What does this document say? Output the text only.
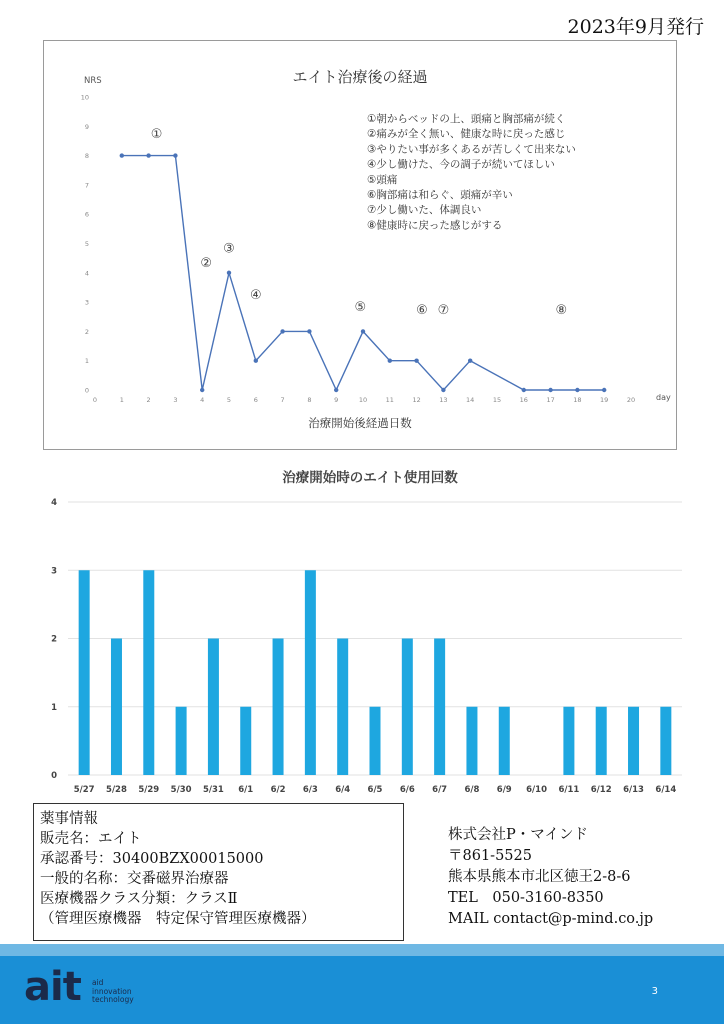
2023年9月発行
エイト治療後の経過
NRS
day
治療開始後経過日数
0
1
2
3
4
5
6
7
8
9
10
0	1	2	3	4	5	6	7	8	9	10	11	12	13	14	15	16	17	18	19	20
①
②
③
④
⑤	⑥ ⑦	⑧
①朝からベッドの上、頭痛と胸部痛が続く
②痛みが全く無い、健康な時に戻った感じ
③やりたい事が多くあるが苦しくて出来ない
④少し働けた、今の調子が続いてほしい
⑤頭痛
⑥胸部痛は和らぐ、頭痛が辛い
⑦少し働いた、体調良い
⑧健康時に戻った感じがする
治療開始時のエイト使用回数
0
1
2
3
4
5/27 5/28 5/29 5/30 5/31 6/1 6/2 6/3 6/4 6/5 6/6 6/7 6/8 6/9 6/10 6/11 6/12 6/13 6/14
薬事情報
販売名：エイト
承認番号：30400BZX00015000
一般的名称：交番磁界治療器
医療機器クラス分類：クラスⅡ
（管理医療機器　特定保守管理医療機器）
株式会社P・マインド
〒861-5525
熊本県熊本市北区徳王2-8-6
TEL　050-3160-8350
MAIL contact@p-mind.co.jp
ait aid
innovation
technology
3
